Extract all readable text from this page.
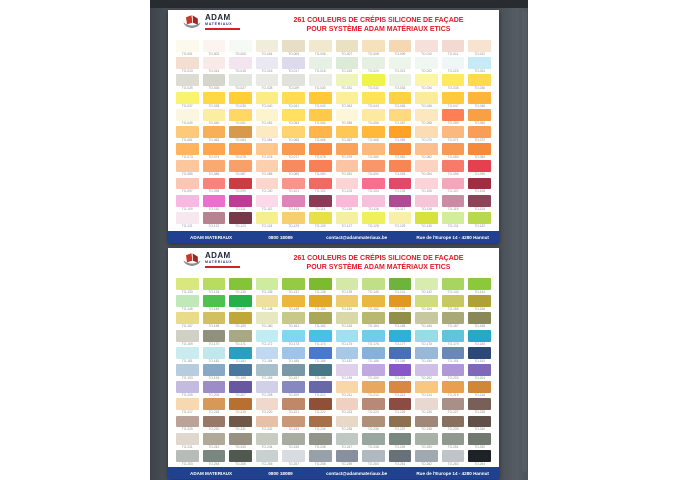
ADAM
MATÉRIAUX
261 COULEURS DE CRÉPIS SILICONE DE FAÇADE
POUR SYSTÈME ADAM MATÉRIAUX ETICS
TO-001	TO-002	TO-003	TO-004	TO-005	TO-006	TO-007	TO-008	TO-009	TO-010	TO-011	TO-012
TO-013	TO-014	TO-015	TO-016	TO-017	TO-018	TO-019	TO-020	TO-021	TO-022	TO-023	TO-024
TO-025	TO-026	TO-027	TO-028	TO-029	TO-030	TO-031	TO-032	TO-033	TO-034	TO-035	TO-036
TO-037	TO-038	TO-039	TO-040	TO-041	TO-042	TO-043	TO-044	TO-045	TO-046	TO-047	TO-048
TO-049	TO-050	TO-051	TO-052	TO-053	TO-054	TO-055	TO-056	TO-057	TO-058	TO-059	TO-060
TO-061	TO-062	TO-063	TO-064	TO-065	TO-066	TO-067	TO-068	TO-069	TO-070	TO-071	TO-072
TO-073	TO-074	TO-075	TO-076	TO-077	TO-078	TO-079	TO-080	TO-081	TO-082	TO-083	TO-084
TO-085	TO-086	TO-087	TO-088	TO-089	TO-090	TO-091	TO-092	TO-093	TO-094	TO-095	TO-096
TO-097	TO-098	TO-099	TO-100	TO-101	TO-102	TO-103	TO-104	TO-105	TO-106	TO-107	TO-108
TO-109	TO-110	TO-111	TO-112	TO-113	TO-114	TO-115	TO-116	TO-117	TO-118	TO-119	TO-120
TO-121	TO-122	TO-123	TO-124	TO-125	TO-126	TO-127	TO-128	TO-129	TO-130	TO-131	TO-132
ADAM MATERIAUX	0800 18089	contact@adammateriaux.be	Rue de l'Europe 14 - 4280 Hannut
ADAM
MATÉRIAUX
261 COULEURS DE CRÉPIS SILICONE DE FAÇADE
POUR SYSTÈME ADAM MATÉRIAUX ETICS
TO-133	TO-134	TO-135	TO-136	TO-137	TO-138	TO-139	TO-140	TO-141	TO-142	TO-143	TO-144
TO-145	TO-146	TO-147	TO-148	TO-149	TO-150	TO-151	TO-152	TO-153	TO-154	TO-155	TO-156
TO-157	TO-158	TO-159	TO-160	TO-161	TO-162	TO-163	TO-164	TO-165	TO-166	TO-167	TO-168
TO-169	TO-170	TO-171	TO-172	TO-173	TO-174	TO-175	TO-176	TO-177	TO-178	TO-179	TO-180
TO-181	TO-182	TO-183	TO-184	TO-185	TO-186	TO-187	TO-188	TO-189	TO-190	TO-191	TO-192
TO-193	TO-194	TO-195	TO-196	TO-197	TO-198	TO-199	TO-200	TO-201	TO-202	TO-203	TO-204
TO-205	TO-206	TO-207	TO-208	TO-209	TO-210	TO-211	TO-212	TO-213	TO-214	TO-215	TO-216
TO-217	TO-218	TO-219	TO-220	TO-221	TO-222	TO-223	TO-224	TO-225	TO-226	TO-227	TO-228
TO-229	TO-230	TO-231	TO-232	TO-233	TO-234	TO-235	TO-236	TO-237	TO-238	TO-239	TO-240
TO-241	TO-242	TO-243	TO-244	TO-245	TO-246	TO-247	TO-248	TO-249	TO-250	TO-251	TO-252
TO-253	TO-254	TO-255	TO-256	TO-257	TO-258	TO-259	TO-260	TO-261	TO-262	TO-263	TO-264
ADAM MATERIAUX	0800 18089	contact@adammateriaux.be	Rue de l'Europe 14 - 4280 Hannut
